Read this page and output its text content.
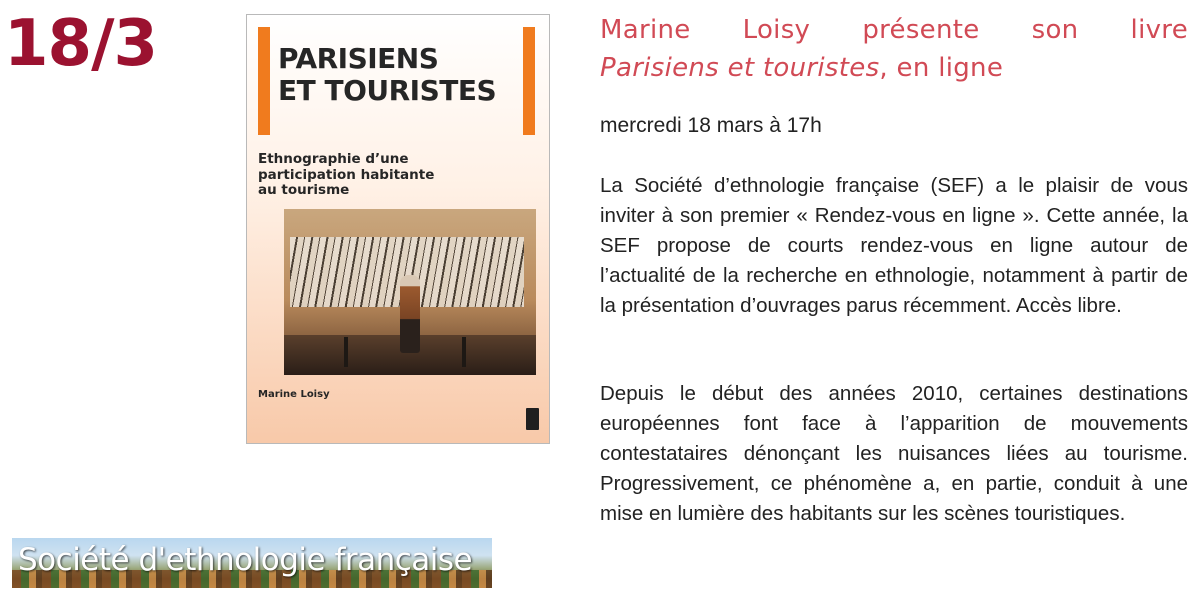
18/3	PARISIENS
ET TOURISTES
Ethnographie d’une
participation habitante
au tourisme
Marine Loisy
Société d'ethnologie française
Marine Loisy présente son livre
Parisiens et touristes, en ligne
mercredi 18 mars à 17h

La Société d’ethnologie française (SEF) a le plaisir de vous inviter à son premier « Rendez-vous en ligne ». Cette année, la SEF propose de courts rendez-vous en ligne autour de l’actualité de la recherche en ethnologie, notamment à partir de la présentation d’ouvrages parus récemment. Accès libre.

Depuis le début des années 2010, certaines destinations européennes font face à l’apparition de mouvements contestataires dénonçant les nuisances liées au tourisme. Progressivement, ce phénomène a, en partie, conduit à une mise en lumière des habitants sur les scènes touristiques.
